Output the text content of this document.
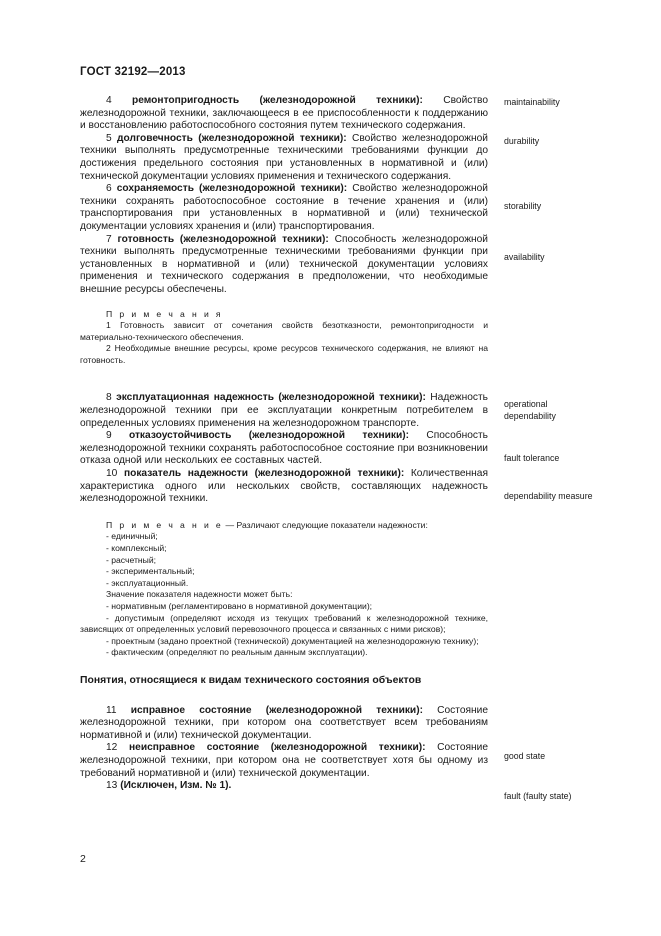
ГОСТ 32192—2013

4 ремонтопригодность (железнодорожной техники): Свойство железнодорожной техники, заключающееся в ее приспособленности к поддержанию и восстановлению работоспособного состояния путем технического содержания.

5 долговечность (железнодорожной техники): Свойство железнодорожной техники выполнять предусмотренные техническими требованиями функции до достижения предельного состояния при установленных в нормативной и (или) технической документации условиях применения и технического содержания.

6 сохраняемость (железнодорожной техники): Свойство железнодорожной техники сохранять работоспособное состояние в течение хранения и (или) транспортирования при установленных в нормативной и (или) технической документации условиях хранения и (или) транспортирования.

7 готовность (железнодорожной техники): Способность железнодорожной техники выполнять предусмотренные техническими требованиями функции при установленных в нормативной и (или) технической документации условиях применения и технического содержания в предположении, что необходимые внешние ресурсы обеспечены.

П р и м е ч а н и я

1 Готовность зависит от сочетания свойств безотказности, ремонтопригодности и материально-технического обеспечения.

2 Необходимые внешние ресурсы, кроме ресурсов технического содержания, не влияют на готовность.

8 эксплуатационная надежность (железнодорожной техники): Надежность железнодорожной техники при ее эксплуатации конкретным потребителем в определенных условиях применения на железнодорожном транспорте.

9 отказоустойчивость (железнодорожной техники): Способность железнодорожной техники сохранять работоспособное состояние при возникновении отказа одной или нескольких ее составных частей.

10 показатель надежности (железнодорожной техники): Количественная характеристика одного или нескольких свойств, составляющих надежность железнодорожной техники.

П р и м е ч а н и е — Различают следующие показатели надежности:

- единичный;

- комплексный;

- расчетный;

- экспериментальный;

- эксплуатационный.

Значение показателя надежности может быть:

- нормативным (регламентировано в нормативной документации);

- допустимым (определяют исходя из текущих требований к железнодорожной технике, зависящих от определенных условий перевозочного процесса и связанных с ними рисков);

- проектным (задано проектной (технической) документацией на железнодорожную технику);

- фактическим (определяют по реальным данным эксплуатации).

Понятия, относящиеся к видам технического состояния объектов

11 исправное состояние (железнодорожной техники): Состояние железнодорожной техники, при котором она соответствует всем требованиям нормативной и (или) технической документации.

12 неисправное состояние (железнодорожной техники): Состояние железнодорожной техники, при котором она не соответствует хотя бы одному из требований нормативной и (или) технической документации.

13 (Исключен, Изм. № 1).

maintainability
durability
storability
availability
operational dependability
fault tolerance
dependability measure
good state
fault (faulty state)
2
